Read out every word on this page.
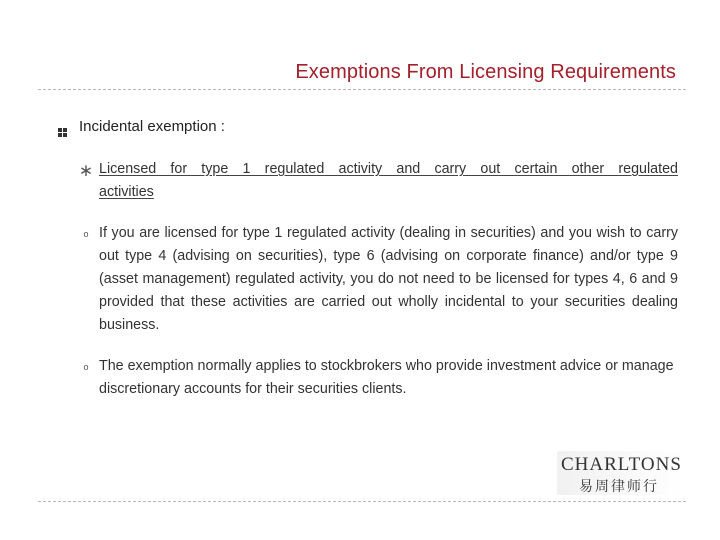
Exemptions From Licensing Requirements
Incidental exemption :
∗ Licensed for type 1 regulated activity and carry out certain other regulated activities
o If you are licensed for type 1 regulated activity (dealing in securities) and you wish to carry out type 4 (advising on securities), type 6 (advising on corporate finance) and/or type 9 (asset management) regulated activity, you do not need to be licensed for types 4, 6 and 9 provided that these activities are carried out wholly incidental to your securities dealing business.
o The exemption normally applies to stockbrokers who provide investment advice or manage discretionary accounts for their securities clients.
CHARLTONS
易周律师行
